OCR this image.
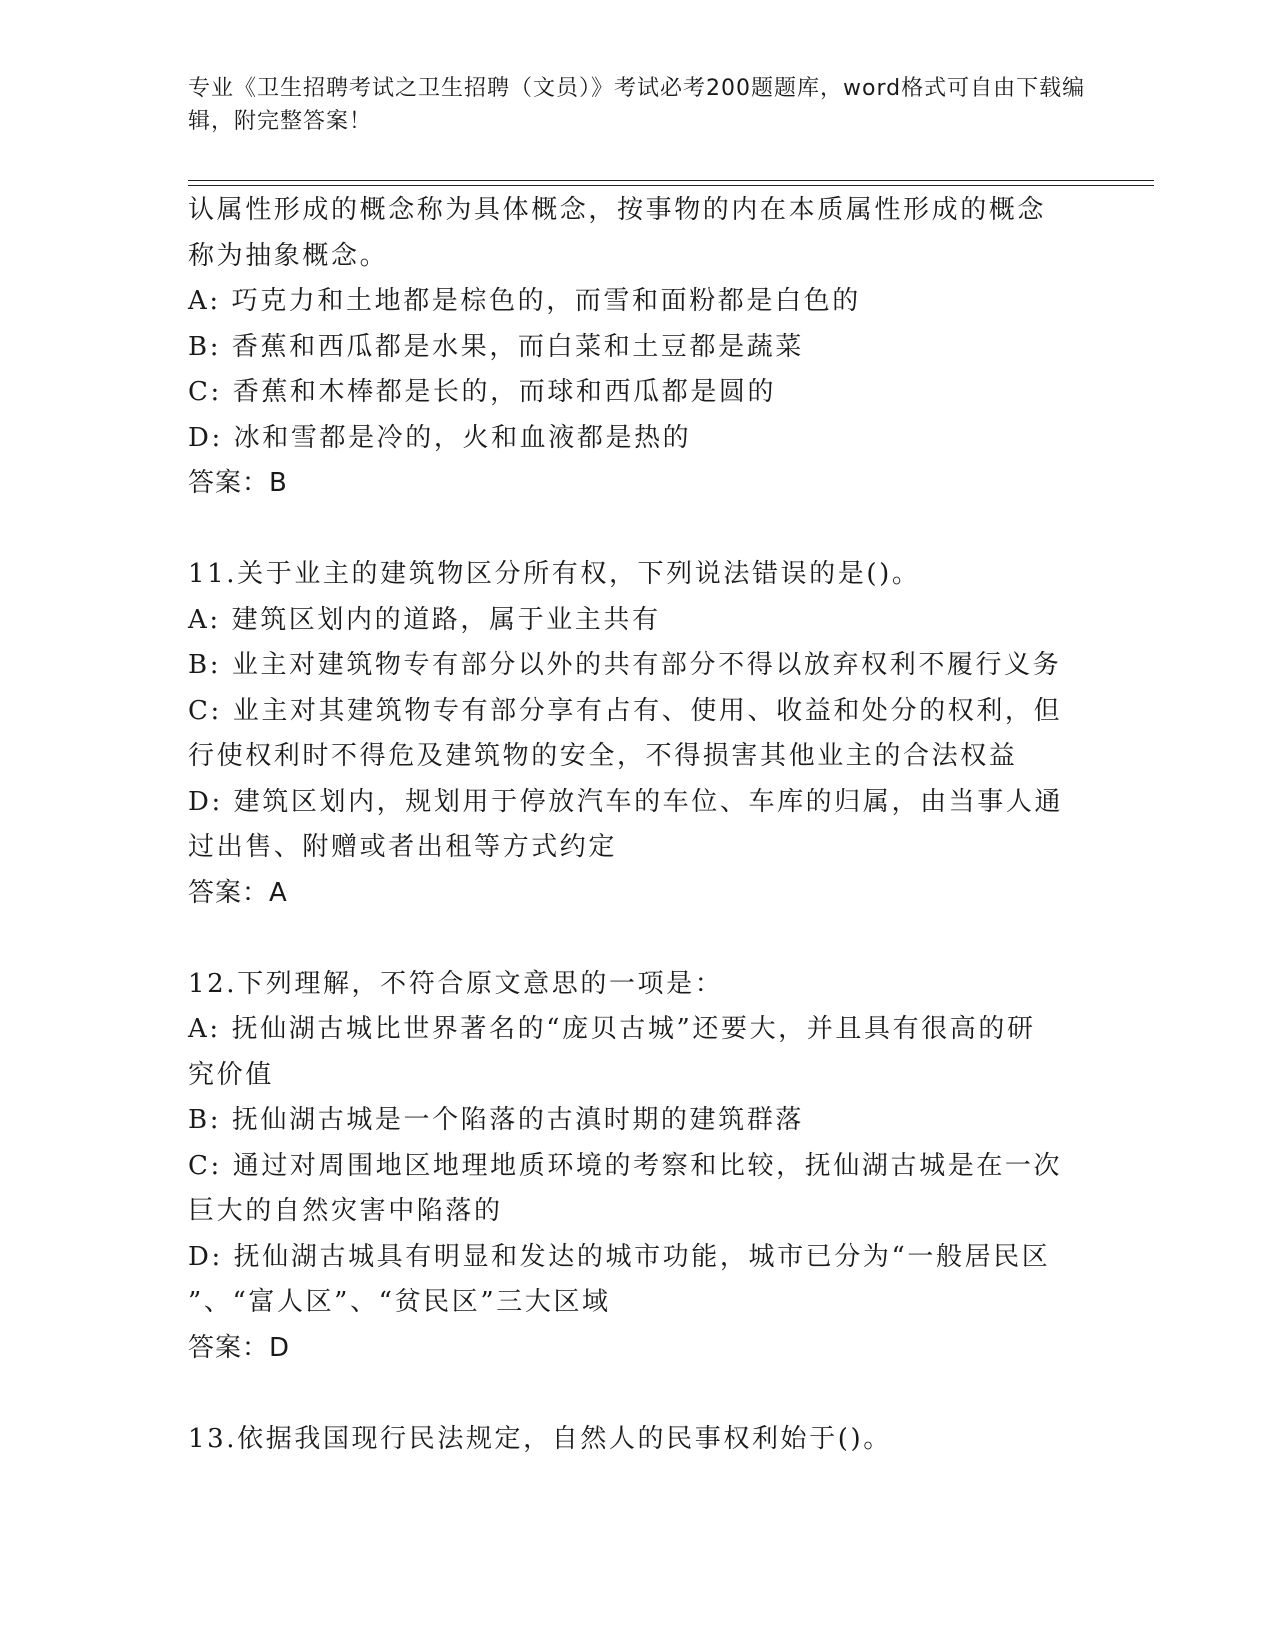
专业《卫生招聘考试之卫生招聘（文员）》考试必考200题题库，word格式可自由下载编辑，附完整答案！

认属性形成的概念称为具体概念，按事物的内在本质属性形成的概念

称为抽象概念。

A: 巧克力和土地都是棕色的，而雪和面粉都是白色的

B: 香蕉和西瓜都是水果，而白菜和土豆都是蔬菜

C: 香蕉和木棒都是长的，而球和西瓜都是圆的

D: 冰和雪都是冷的，火和血液都是热的

答案：B

11.关于业主的建筑物区分所有权，下列说法错误的是()。

A: 建筑区划内的道路，属于业主共有

B: 业主对建筑物专有部分以外的共有部分不得以放弃权利不履行义务

C: 业主对其建筑物专有部分享有占有、使用、收益和处分的权利，但

行使权利时不得危及建筑物的安全，不得损害其他业主的合法权益

D: 建筑区划内，规划用于停放汽车的车位、车库的归属，由当事人通

过出售、附赠或者出租等方式约定

答案：A

12.下列理解，不符合原文意思的一项是：

A: 抚仙湖古城比世界著名的“庞贝古城”还要大，并且具有很高的研

究价值

B: 抚仙湖古城是一个陷落的古滇时期的建筑群落

C: 通过对周围地区地理地质环境的考察和比较，抚仙湖古城是在一次

巨大的自然灾害中陷落的

D: 抚仙湖古城具有明显和发达的城市功能，城市已分为“一般居民区

”、“富人区”、“贫民区”三大区域

答案：D

13.依据我国现行民法规定，自然人的民事权利始于()。
